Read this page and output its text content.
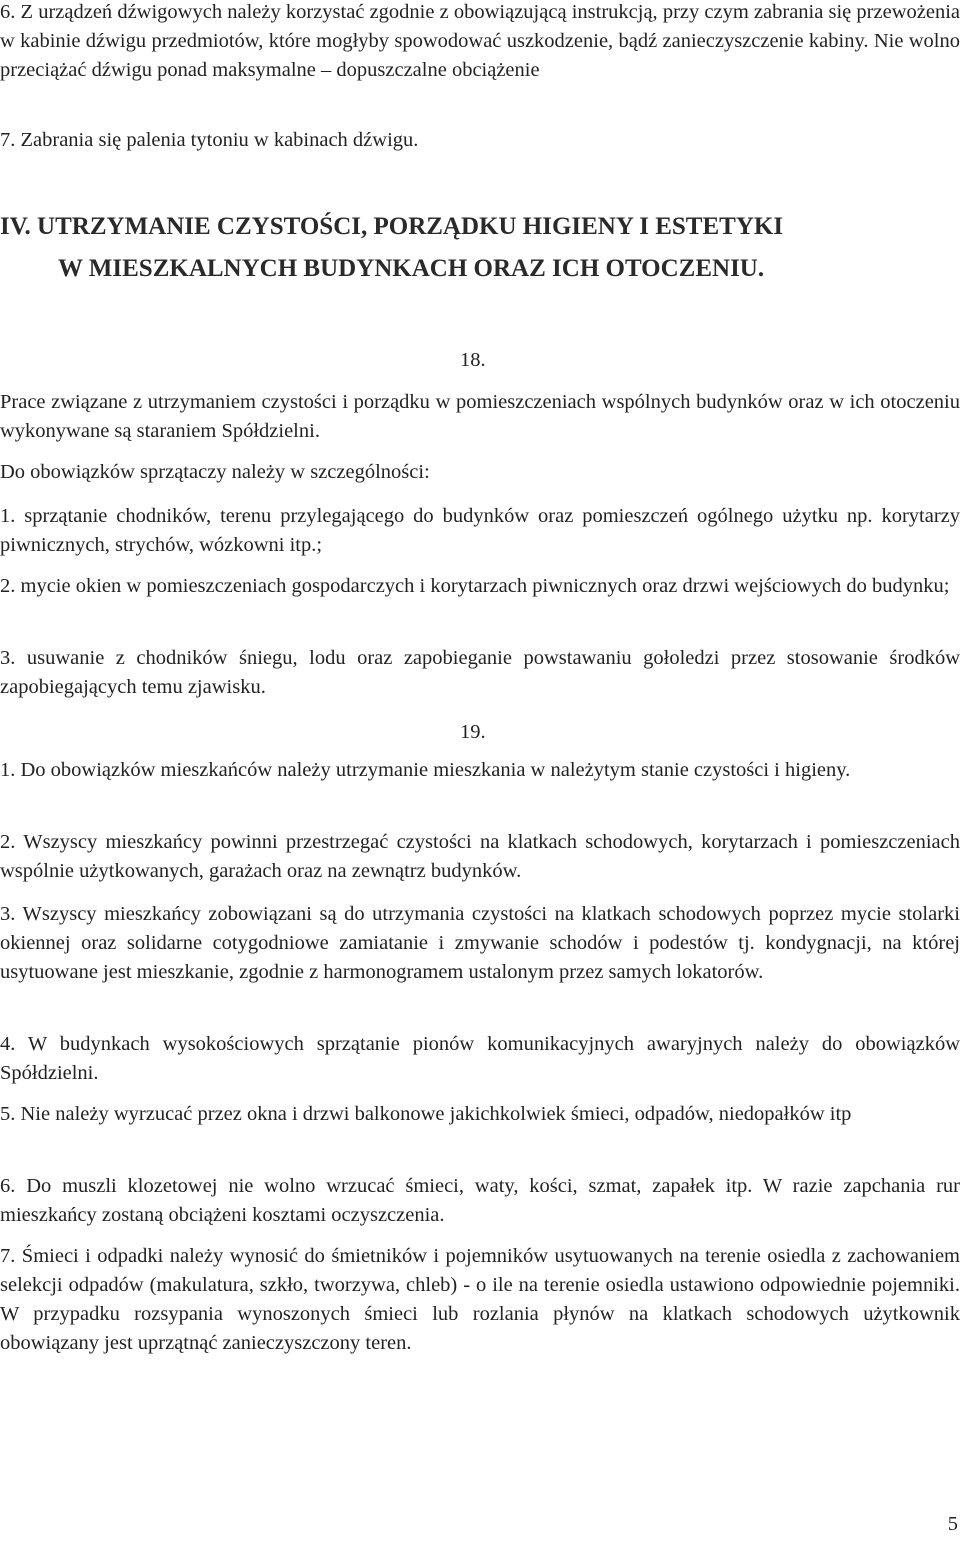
6. Z urządzeń dźwigowych należy korzystać zgodnie z obowiązującą instrukcją, przy czym zabrania się przewożenia w kabinie dźwigu przedmiotów, które mogłyby spowodować uszkodzenie, bądź zanieczyszczenie kabiny. Nie wolno przeciążać dźwigu ponad maksymalne – dopuszczalne obciążenie

7. Zabrania się palenia tytoniu w kabinach dźwigu.

IV. UTRZYMANIE CZYSTOŚCI, PORZĄDKU HIGIENY I ESTETYKI
W MIESZKALNYCH BUDYNKACH ORAZ ICH OTOCZENIU.

18.

Prace związane z utrzymaniem czystości i porządku w pomieszczeniach wspólnych budynków oraz w ich otoczeniu wykonywane są staraniem Spółdzielni.

Do obowiązków sprzątaczy należy w szczególności:

1. sprzątanie chodników, terenu przylegającego do budynków oraz pomieszczeń ogólnego użytku np. korytarzy piwnicznych, strychów, wózkowni itp.;

2. mycie okien w pomieszczeniach gospodarczych i korytarzach piwnicznych oraz drzwi wejściowych do budynku;

3. usuwanie z chodników śniegu, lodu oraz zapobieganie powstawaniu gołoledzi przez stosowanie środków zapobiegających temu zjawisku.

19.

1. Do obowiązków mieszkańców należy utrzymanie mieszkania w należytym stanie czystości i higieny.

2. Wszyscy mieszkańcy powinni przestrzegać czystości na klatkach schodowych, korytarzach i pomieszczeniach wspólnie użytkowanych, garażach oraz na zewnątrz budynków.

3. Wszyscy mieszkańcy zobowiązani są do utrzymania czystości na klatkach schodowych poprzez mycie stolarki okiennej oraz solidarne cotygodniowe zamiatanie i zmywanie schodów i podestów tj. kondygnacji, na której usytuowane jest mieszkanie, zgodnie z harmonogramem ustalonym przez samych lokatorów.

4. W budynkach wysokościowych sprzątanie pionów komunikacyjnych awaryjnych należy do obowiązków Spółdzielni.

5. Nie należy wyrzucać przez okna i drzwi balkonowe jakichkolwiek śmieci, odpadów, niedopałków itp

6. Do muszli klozetowej nie wolno wrzucać śmieci, waty, kości, szmat, zapałek itp. W razie zapchania rur mieszkańcy zostaną obciążeni kosztami oczyszczenia.

7. Śmieci i odpadki należy wynosić do śmietników i pojemników usytuowanych na terenie osiedla z zachowaniem selekcji odpadów (makulatura, szkło, tworzywa, chleb) - o ile na terenie osiedla ustawiono odpowiednie pojemniki. W przypadku rozsypania wynoszonych śmieci lub rozlania płynów na klatkach schodowych użytkownik obowiązany jest uprzątnąć zanieczyszczony teren.

5
